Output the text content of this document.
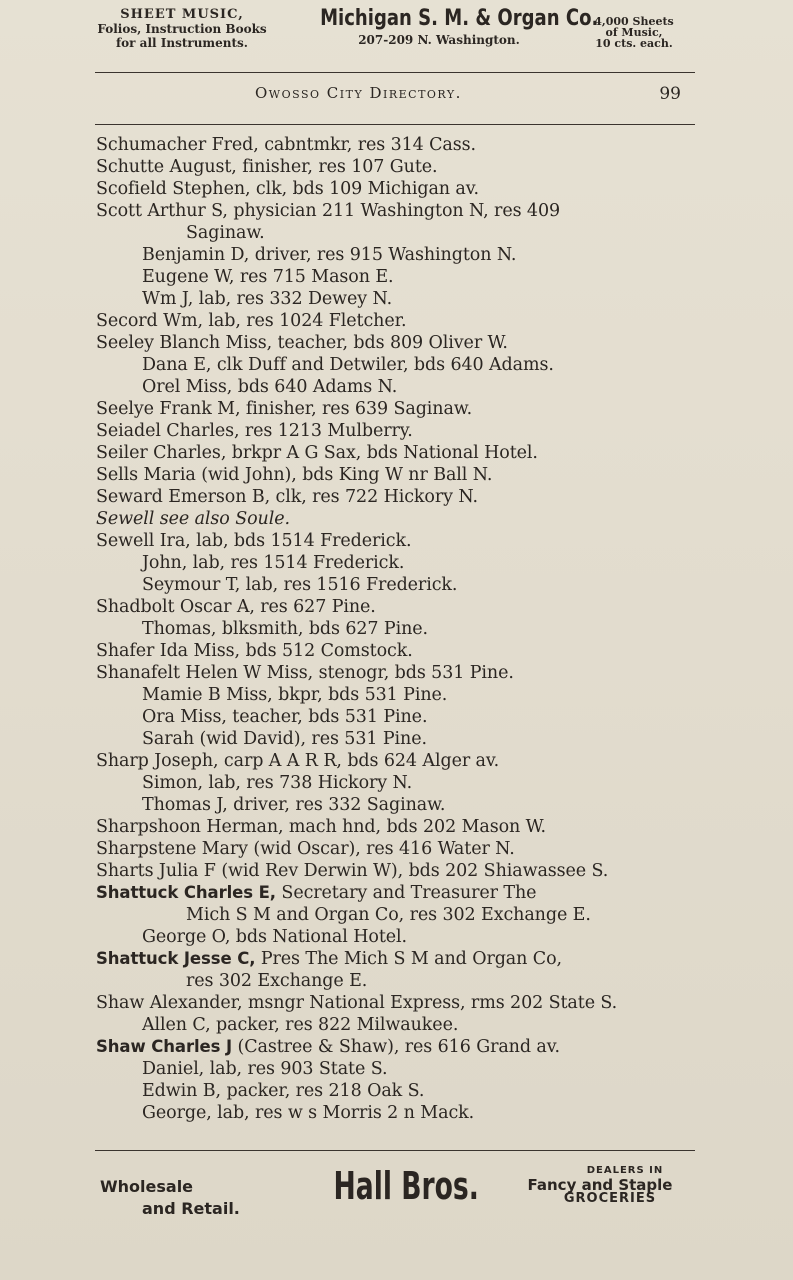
SHEET MUSIC,
Folios, Instruction Books
for all Instruments.
Michigan S. M. & Organ Co.
207-209 N. Washington.
4,000 Sheets
of Music,
10 cts. each.
Owosso City Directory.	99
Schumacher Fred, cabntmkr, res 314 Cass.
Schutte August, finisher, res 107 Gute.
Scofield Stephen, clk, bds 109 Michigan av.
Scott Arthur S, physician 211 Washington N, res 409
Saginaw.
Benjamin D, driver, res 915 Washington N.
Eugene W, res 715 Mason E.
Wm J, lab, res 332 Dewey N.
Secord Wm, lab, res 1024 Fletcher.
Seeley Blanch Miss, teacher, bds 809 Oliver W.
Dana E, clk Duff and Detwiler, bds 640 Adams.
Orel Miss, bds 640 Adams N.
Seelye Frank M, finisher, res 639 Saginaw.
Seiadel Charles, res 1213 Mulberry.
Seiler Charles, brkpr A G Sax, bds National Hotel.
Sells Maria (wid John), bds King W nr Ball N.
Seward Emerson B, clk, res 722 Hickory N.
Sewell see also Soule.
Sewell Ira, lab, bds 1514 Frederick.
John, lab, res 1514 Frederick.
Seymour T, lab, res 1516 Frederick.
Shadbolt Oscar A, res 627 Pine.
Thomas, blksmith, bds 627 Pine.
Shafer Ida Miss, bds 512 Comstock.
Shanafelt Helen W Miss, stenogr, bds 531 Pine.
Mamie B Miss, bkpr, bds 531 Pine.
Ora Miss, teacher, bds 531 Pine.
Sarah (wid David), res 531 Pine.
Sharp Joseph, carp A A R R, bds 624 Alger av.
Simon, lab, res 738 Hickory N.
Thomas J, driver, res 332 Saginaw.
Sharpshoon Herman, mach hnd, bds 202 Mason W.
Sharpstene Mary (wid Oscar), res 416 Water N.
Sharts Julia F (wid Rev Derwin W), bds 202 Shiawassee S.
Shattuck Charles E, Secretary and Treasurer The
Mich S M and Organ Co, res 302 Exchange E.
George O, bds National Hotel.
Shattuck Jesse C, Pres The Mich S M and Organ Co,
res 302 Exchange E.
Shaw Alexander, msngr National Express, rms 202 State S.
Allen C, packer, res 822 Milwaukee.
Shaw Charles J (Castree & Shaw), res 616 Grand av.
Daniel, lab, res 903 State S.
Edwin B, packer, res 218 Oak S.
George, lab, res w s Morris 2 n Mack.
Wholesale
and Retail.
Hall Bros.	DEALERS IN
Fancy and Staple
GROCERIES
